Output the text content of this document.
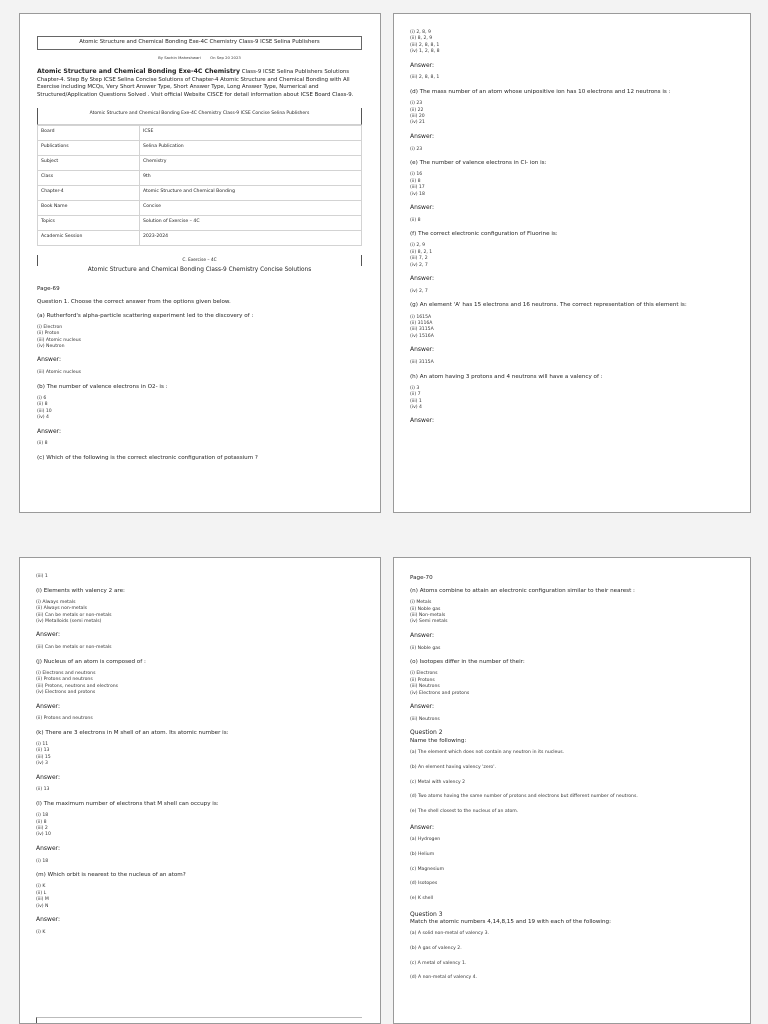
Atomic Structure and Chemical Bonding Exe-4C Chemistry Class-9 ICSE Selina Publishers
By Sachin Maheshwari On Sep 20 2023
Atomic Structure and Chemical Bonding Exe-4C Chemistry Class-9 ICSE Selina Publishers Solutions Chapter-4. Step By Step ICSE Selina Concise Solutions of Chapter-4 Atomic Structure and Chemical Bonding with All Exercise including MCQs, Very Short Answer Type, Short Answer Type, Long Answer Type, Numerical and Structured/Application Questions Solved . Visit official Website CISCE for detail information about ICSE Board Class-9.
Atomic Structure and Chemical Bonding Exe-4C Chemistry Class-9 ICSE Concise Selina Publishers
Board	ICSE
Publications	Selina Publication
Subject	Chemistry
Class	9th
Chapter-4	Atomic Structure and Chemical Bonding
Book Name	Concise
Topics	Solution of Exercise – 4C
Academic Session	2023-2024
C. Exercise – 4C
Atomic Structure and Chemical Bonding Class-9 Chemistry Concise Solutions
Page-69
Question 1. Choose the correct answer from the options given below.
(a) Rutherford's alpha-particle scattering experiment led to the discovery of :
(i) Electron
(ii) Proton
(iii) Atomic nucleus
(iv) Neutron
Answer:
(iii) Atomic nucleus
(b) The number of valence electrons in O2- is :
(i) 6
(ii) 8
(iii) 10
(iv) 4
Answer:
(ii) 8
(c) Which of the following is the correct electronic configuration of potassium ?
(i) 2, 8, 9
(ii) 8, 2, 9
(iii) 2, 8, 8, 1
(iv) 1, 2, 8, 8
Answer:
(iii) 2, 8, 8, 1
(d) The mass number of an atom whose unipositive ion has 10 electrons and 12 neutrons is :
(i) 23
(ii) 22
(iii) 20
(iv) 21
Answer:
(i) 23
(e) The number of valence electrons in Cl- ion is:
(i) 16
(ii) 8
(iii) 17
(iv) 18
Answer:
(ii) 8
(f) The correct electronic configuration of Fluorine is:
(i) 2, 9
(ii) 8, 2, 1
(iii) 7, 2
(iv) 2, 7
Answer:
(iv) 2, 7
(g) An element 'A' has 15 electrons and 16 neutrons. The correct representation of this element is:
(i) 1615A
(ii) 3116A
(iii) 3115A
(iv) 1516A
Answer:
(iii) 3115A
(h) An atom having 3 protons and 4 neutrons will have a valency of :
(i) 3
(ii) 7
(iii) 1
(iv) 4
Answer:
(iii) 1
(i) Elements with valency 2 are:
(i) Always metals
(ii) Always non-metals
(iii) Can be metals or non-metals
(iv) Metalloids (semi metals)
Answer:
(iii) Can be metals or non-metals
(j) Nucleus of an atom is composed of :
(i) Electrons and neutrons
(ii) Protons and neutrons
(iii) Protons, neutrons and electrons
(iv) Electrons and protons
Answer:
(ii) Protons and neutrons
(k) There are 3 electrons in M shell of an atom. Its atomic number is:
(i) 11
(ii) 13
(iii) 15
(iv) 3
Answer:
(ii) 13
(l) The maximum number of electrons that M shell can occupy is:
(i) 18
(ii) 8
(iii) 2
(iv) 10
Answer:
(i) 18
(m) Which orbit is nearest to the nucleus of an atom?
(i) K
(ii) L
(iii) M
(iv) N
Answer:
(i) K
Page-70
(n) Atoms combine to attain an electronic configuration similar to their nearest :
(i) Metals
(ii) Noble gas
(iii) Non-metals
(iv) Semi metals
Answer:
(ii) Noble gas
(o) Isotopes differ in the number of their:
(i) Electrons
(ii) Protons
(iii) Neutrons
(iv) Electrons and protons
Answer:
(iii) Neutrons
Question 2
Name the following:
(a) The element which does not contain any neutron in its nucleus.
(b) An element having valency 'zero'.
(c) Metal with valency 2
(d) Two atoms having the same number of protons and electrons but different number of neutrons.
(e) The shell closest to the nucleus of an atom.
Answer:
(a) Hydrogen
(b) Helium
(c) Magnesium
(d) Isotopes
(e) K shell
Question 3
Match the atomic numbers 4,14,8,15 and 19 with each of the following:
(a) A solid non-metal of valency 3.
(b) A gas of valency 2.
(c) A metal of valency 1.
(d) A non-metal of valency 4.
